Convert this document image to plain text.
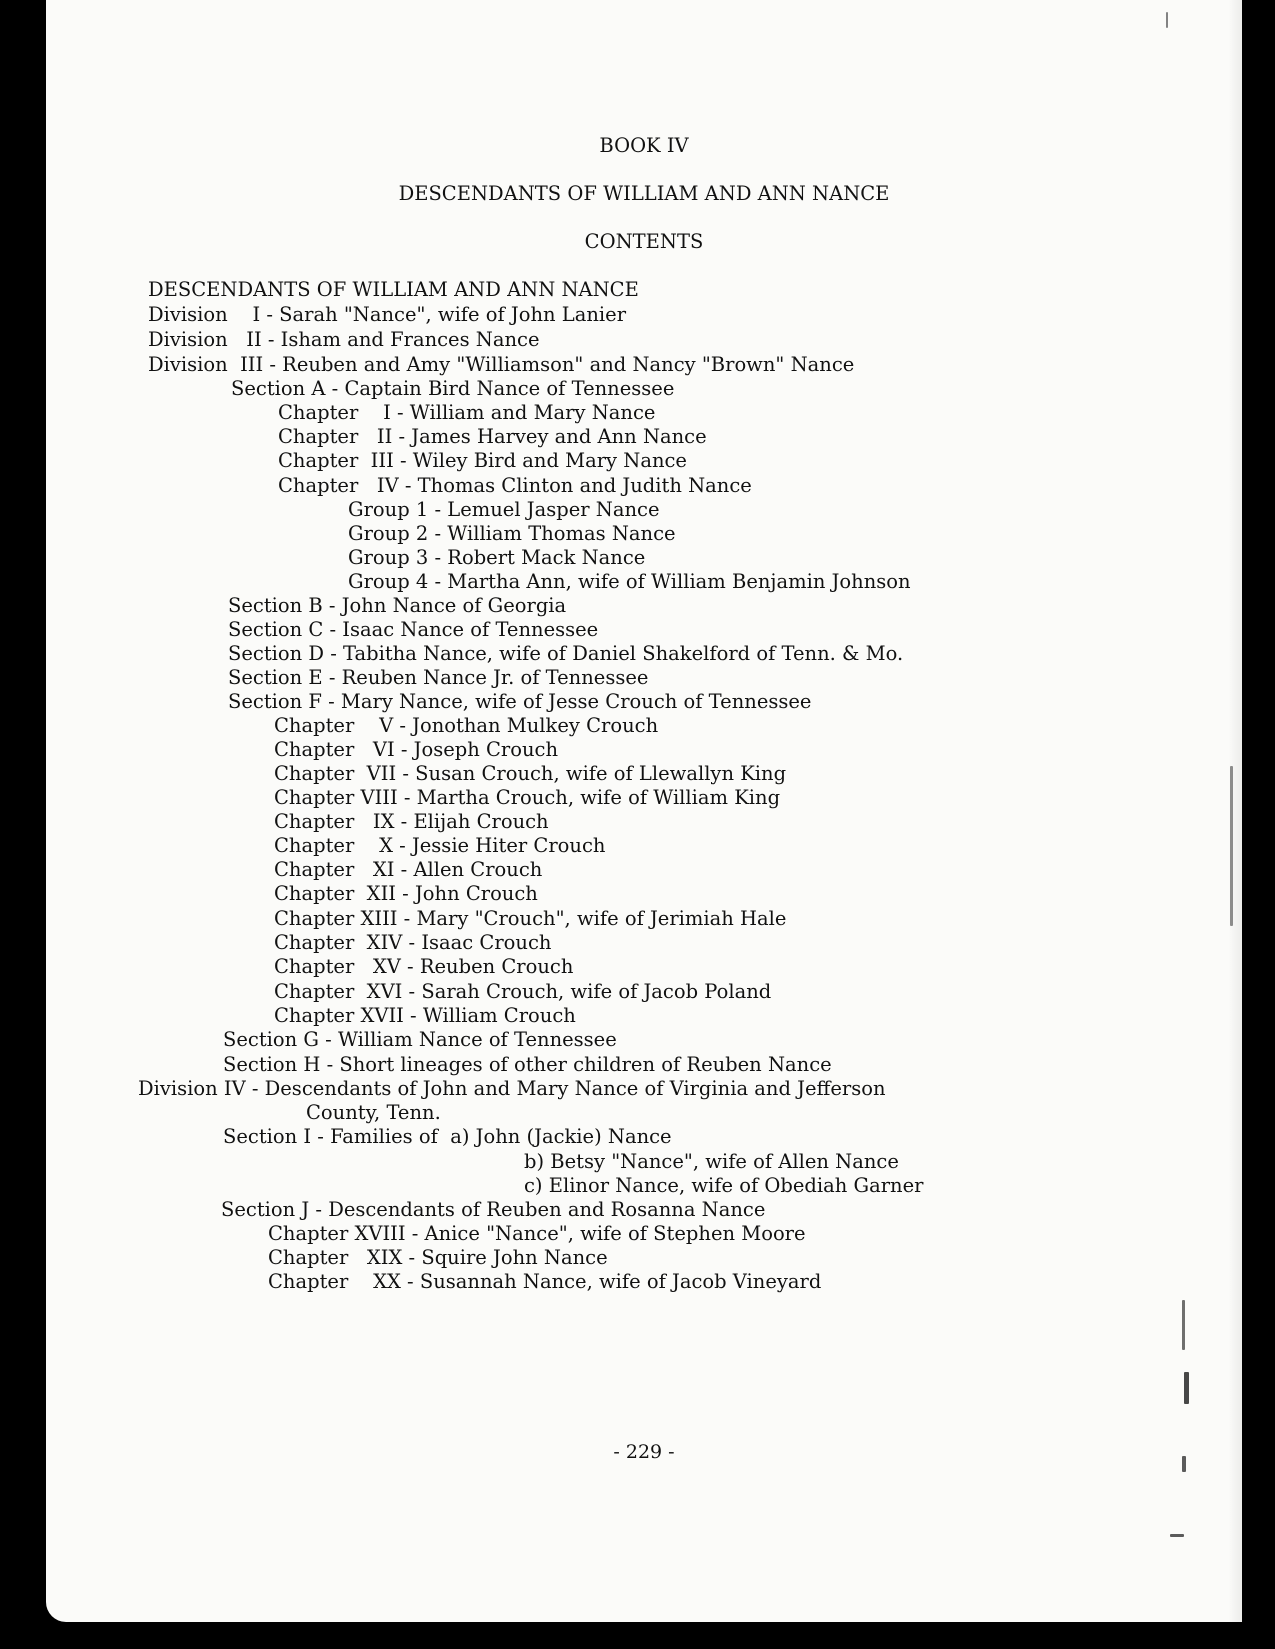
BOOK IV
DESCENDANTS OF WILLIAM AND ANN NANCE
CONTENTS
DESCENDANTS OF WILLIAM AND ANN NANCE
Division    I - Sarah "Nance", wife of John Lanier
Division   II - Isham and Frances Nance
Division  III - Reuben and Amy "Williamson" and Nancy "Brown" Nance
Section A - Captain Bird Nance of Tennessee
Chapter    I - William and Mary Nance
Chapter   II - James Harvey and Ann Nance
Chapter  III - Wiley Bird and Mary Nance
Chapter   IV - Thomas Clinton and Judith Nance
Group 1 - Lemuel Jasper Nance
Group 2 - William Thomas Nance
Group 3 - Robert Mack Nance
Group 4 - Martha Ann, wife of William Benjamin Johnson
Section B - John Nance of Georgia
Section C - Isaac Nance of Tennessee
Section D - Tabitha Nance, wife of Daniel Shakelford of Tenn. & Mo.
Section E - Reuben Nance Jr. of Tennessee
Section F - Mary Nance, wife of Jesse Crouch of Tennessee
Chapter    V - Jonothan Mulkey Crouch
Chapter   VI - Joseph Crouch
Chapter  VII - Susan Crouch, wife of Llewallyn King
Chapter VIII - Martha Crouch, wife of William King
Chapter   IX - Elijah Crouch
Chapter    X - Jessie Hiter Crouch
Chapter   XI - Allen Crouch
Chapter  XII - John Crouch
Chapter XIII - Mary "Crouch", wife of Jerimiah Hale
Chapter  XIV - Isaac Crouch
Chapter   XV - Reuben Crouch
Chapter  XVI - Sarah Crouch, wife of Jacob Poland
Chapter XVII - William Crouch
Section G - William Nance of Tennessee
Section H - Short lineages of other children of Reuben Nance
Division IV - Descendants of John and Mary Nance of Virginia and Jefferson
County, Tenn.
Section I - Families of  a) John (Jackie) Nance
b) Betsy "Nance", wife of Allen Nance
c) Elinor Nance, wife of Obediah Garner
Section J - Descendants of Reuben and Rosanna Nance
Chapter XVIII - Anice "Nance", wife of Stephen Moore
Chapter   XIX - Squire John Nance
Chapter    XX - Susannah Nance, wife of Jacob Vineyard
- 229 -
